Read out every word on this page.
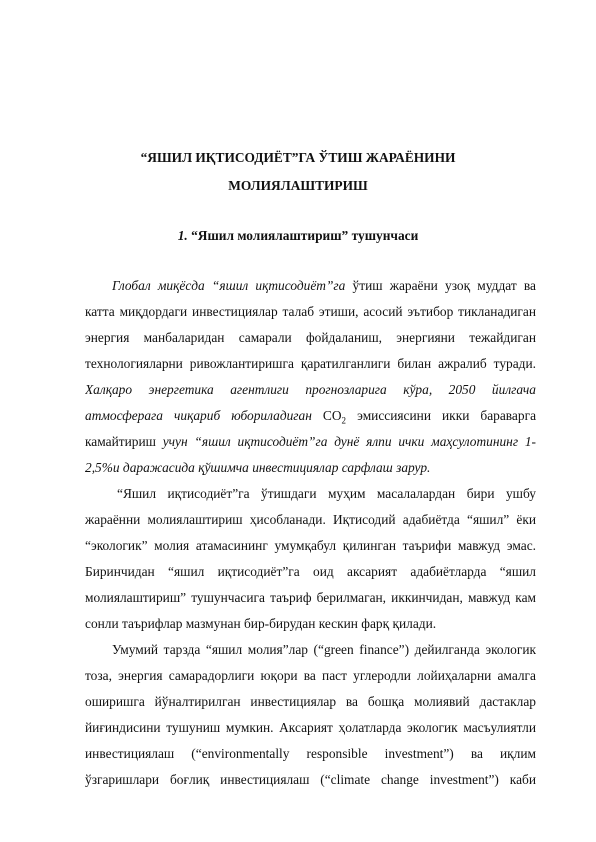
“ЯШИЛ ИҚТИСОДИЁТ”ГА ЎТИШ ЖАРАЁНИНИ
МОЛИЯЛАШТИРИШ
1. “Яшил молиялаштириш” тушунчаси
Глобал миқёсда “яшил иқтисодиёт”га ўтиш жараёни узоқ муддат ва
катта миқдордаги инвестициялар талаб этиши, асосий эътибор тикланадиган
энергия манбаларидан самарали фойдаланиш, энергияни тежайдиган
технологияларни ривожлантиришга қаратилганлиги билан ажралиб туради.
Халқаро энергетика агентлиги прогнозларига кўра, 2050 йилгача
атмосферага чиқариб юбориладиган $CO_2$ эмиссиясини икки бараварга
камайтириш учун “яшил иқтисодиёт”га дунё ялпи ички маҳсулотининг 1-
2,5%и даражасида қўшимча инвестициялар сарфлаш зарур.
“Яшил иқтисодиёт”га ўтишдаги муҳим масалалардан бири ушбу
жараённи молиялаштириш ҳисобланади. Иқтисодий адабиётда “яшил” ёки
“экологик” молия атамасининг умумқабул қилинган таърифи мавжуд эмас.
Биринчидан “яшил иқтисодиёт”га оид аксарият адабиётларда “яшил
молиялаштириш” тушунчасига таъриф берилмаган, иккинчидан, мавжуд кам
сонли таърифлар мазмунан бир-бирудан кескин фарқ қилади.
Умумий тарзда “яшил молия”лар (“green finance”) дейилганда экологик
тоза, энергия самарадорлиги юқори ва паст углеродли лойиҳаларни амалга
оширишга йўналтирилган инвестициялар ва бошқа молиявий дастаклар
йиғиндисини тушуниш мумкин. Аксарият ҳолатларда экологик масъулиятли
инвестициялаш (“environmentally responsible investment”) ва иқлим
ўзгаришлари боғлиқ инвестициялаш (“climate change investment”) каби
